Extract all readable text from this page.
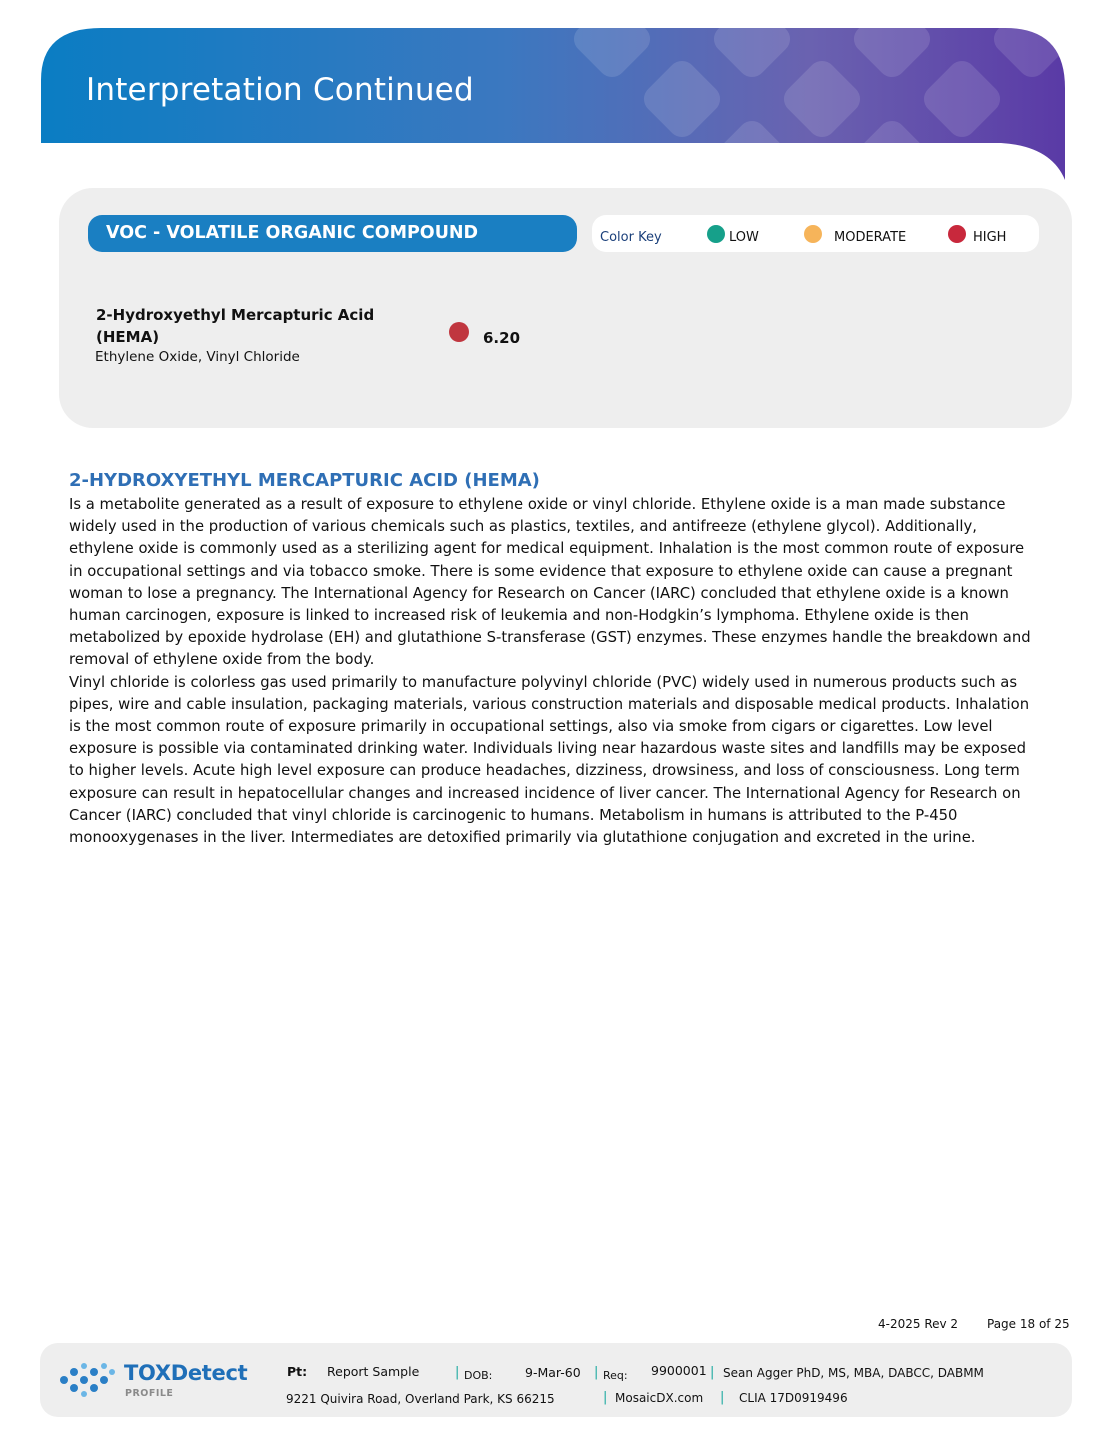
Interpretation Continued
VOC - VOLATILE ORGANIC COMPOUND	Color Key	LOW	MODERATE	HIGH
2-Hydroxyethyl Mercapturic Acid (HEMA)
Ethylene Oxide, Vinyl Chloride
6.20
2-HYDROXYETHYL MERCAPTURIC ACID (HEMA)

Is a metabolite generated as a result of exposure to ethylene oxide or vinyl chloride. Ethylene oxide is a man made substance widely used in the production of various chemicals such as plastics, textiles, and antifreeze (ethylene glycol). Additionally, ethylene oxide is commonly used as a sterilizing agent for medical equipment. Inhalation is the most common route of exposure in occupational settings and via tobacco smoke. There is some evidence that exposure to ethylene oxide can cause a pregnant woman to lose a pregnancy. The International Agency for Research on Cancer (IARC) concluded that ethylene oxide is a known human carcinogen, exposure is linked to increased risk of leukemia and non-Hodgkin’s lymphoma. Ethylene oxide is then metabolized by epoxide hydrolase (EH) and glutathione S-transferase (GST) enzymes. These enzymes handle the breakdown and removal of ethylene oxide from the body.

Vinyl chloride is colorless gas used primarily to manufacture polyvinyl chloride (PVC) widely used in numerous products such as pipes, wire and cable insulation, packaging materials, various construction materials and disposable medical products. Inhalation is the most common route of exposure primarily in occupational settings, also via smoke from cigars or cigarettes. Low level exposure is possible via contaminated drinking water. Individuals living near hazardous waste sites and landfills may be exposed to higher levels. Acute high level exposure can produce headaches, dizziness, drowsiness, and loss of consciousness. Long term exposure can result in hepatocellular changes and increased incidence of liver cancer. The International Agency for Research on Cancer (IARC) concluded that vinyl chloride is carcinogenic to humans. Metabolism in humans is attributed to the P-450 monooxygenases in the liver. Intermediates are detoxified primarily via glutathione conjugation and excreted in the urine.

4-2025 Rev 2 Page 18 of 25
TOXDetect
PROFILE
Pt: Report Sample	| DOB:	9-Mar-60 | Req: 9900001 | Sean Agger PhD, MS, MBA, DABCC, DABMM
9221 Quivira Road, Overland Park, KS 66215	| MosaicDX.com | CLIA 17D0919496
